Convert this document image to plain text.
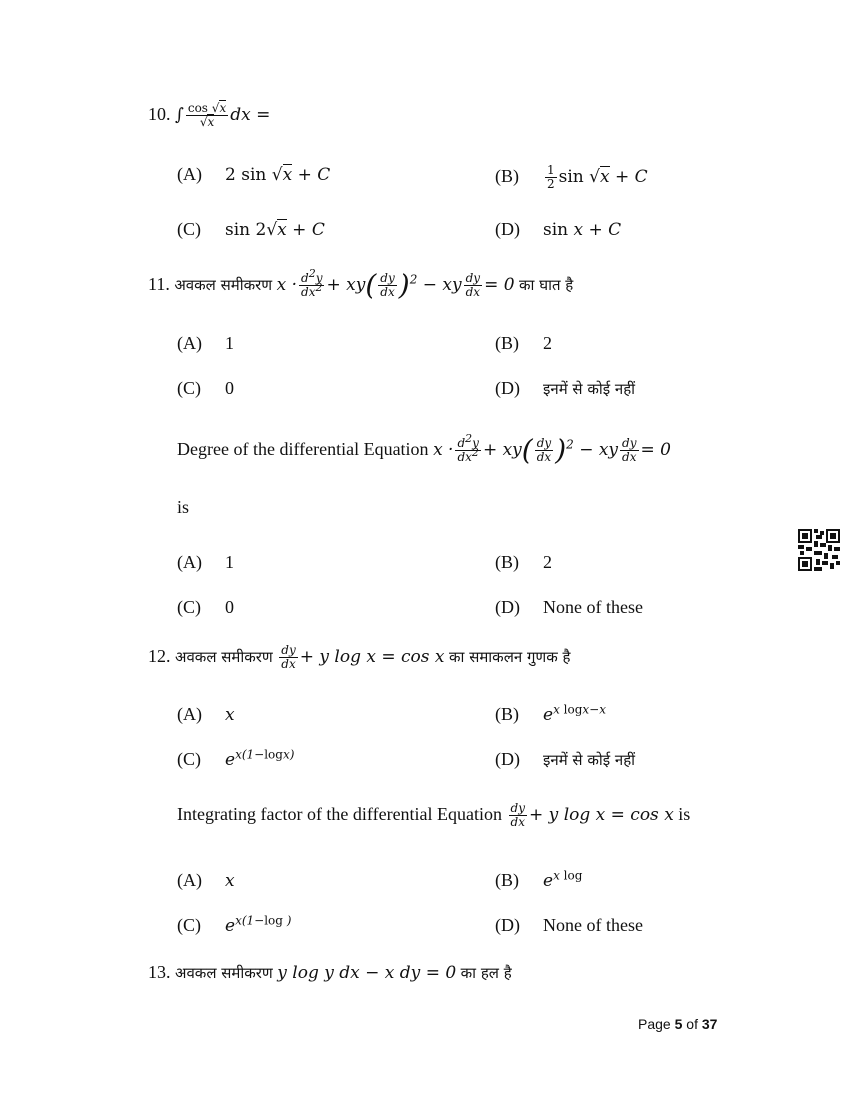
10. ∫ $\frac{\cos √x}{√x}$ dx =
(A) 2 sin √x + C	$(B) \frac{1}{2}$ sin √x + C
(C) sin 2√x + C	(D) sin x + C
11. अवकल समीकरण $x \cdot \frac{d2y}{dx2} + xy( \frac{dy}{dx} )^2$ − xy $\frac{dy}{dx} = 0$ का घात है
(A) 1	(B) 2
(C) 0	(D) इनमें से कोई नहीं
Degree of the differential Equation $x \cdot \frac{d2y}{dx2} + xy( \frac{dy}{dx} )^2$ − xy $\frac{dy}{dx} = 0$
is
(A) 1	(B) 2
(C) 0	(D) None of these
12. अवकल समीकरण $\frac{dy}{dx} + y$ log x = cos x का समाकलन गुणक है
(A) x	(B) $e^{x logx-x}$
(C) $e^{x(1-logx)}$	(D) इनमें से कोई नहीं
Integrating factor of the differential Equation $\frac{dy}{dx} + y$ log x = cos x is
(A) x	(B) $e^{x log}$
(C) $e^{x(1-log )}$	(D) None of these
13. अवकल समीकरण y log y dx − x dy = 0 का हल है
Page 5 of 37
